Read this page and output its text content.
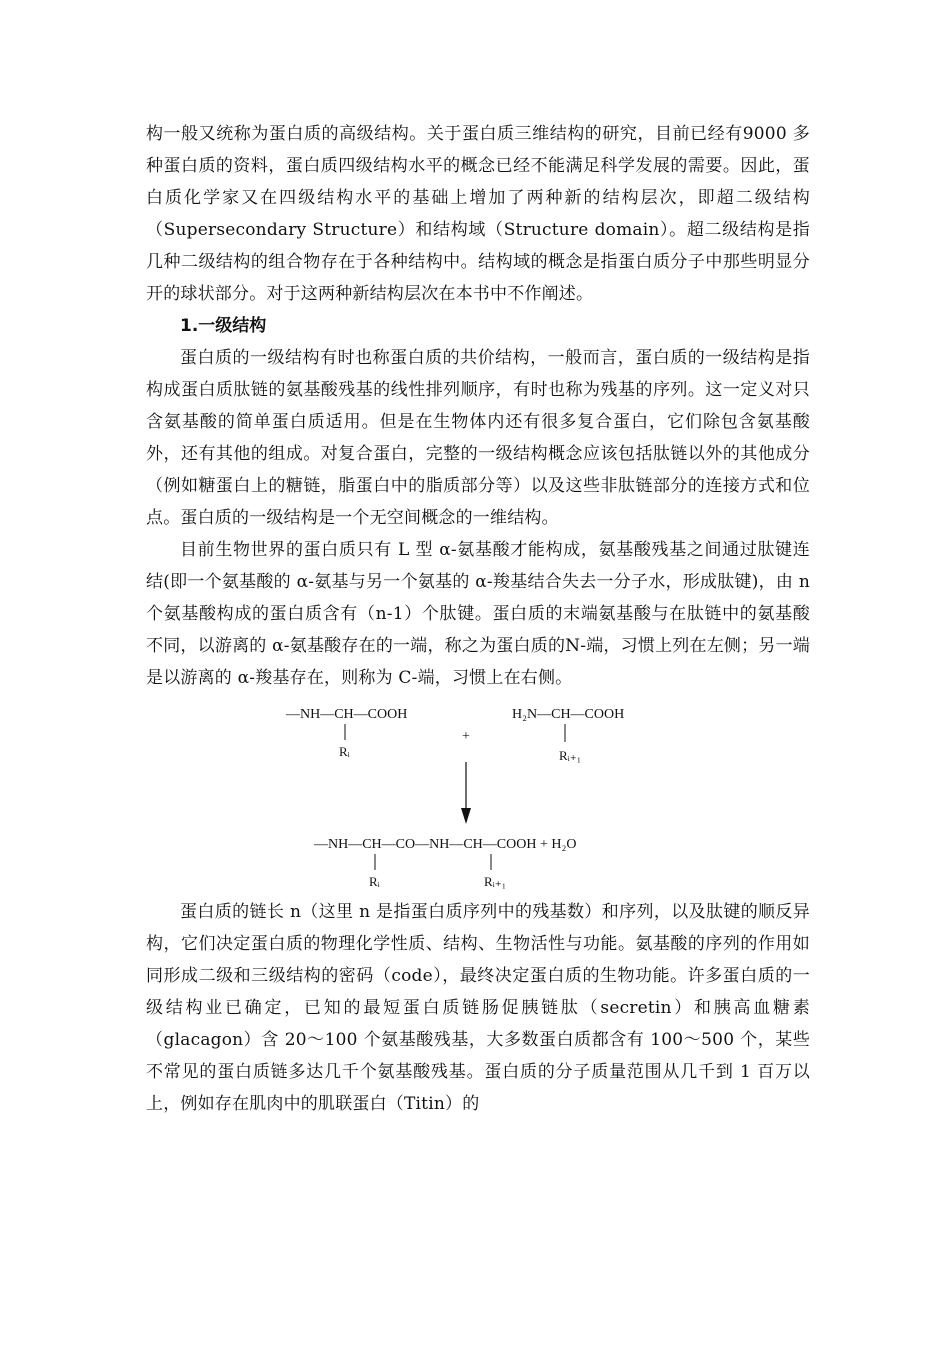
构一般又统称为蛋白质的高级结构。关于蛋白质三维结构的研究，目前已经有9000 多种蛋白质的资料，蛋白质四级结构水平的概念已经不能满足科学发展的需要。因此，蛋白质化学家又在四级结构水平的基础上增加了两种新的结构层次，即超二级结构（Supersecondary Structure）和结构域（Structure domain）。超二级结构是指几种二级结构的组合物存在于各种结构中。结构域的概念是指蛋白质分子中那些明显分开的球状部分。对于这两种新结构层次在本书中不作阐述。

1.一级结构

蛋白质的一级结构有时也称蛋白质的共价结构，一般而言，蛋白质的一级结构是指构成蛋白质肽链的氨基酸残基的线性排列顺序，有时也称为残基的序列。这一定义对只含氨基酸的简单蛋白质适用。但是在生物体内还有很多复合蛋白，它们除包含氨基酸外，还有其他的组成。对复合蛋白，完整的一级结构概念应该包括肽链以外的其他成分（例如糖蛋白上的糖链，脂蛋白中的脂质部分等）以及这些非肽链部分的连接方式和位点。蛋白质的一级结构是一个无空间概念的一维结构。

目前生物世界的蛋白质只有 L 型 α-氨基酸才能构成，氨基酸残基之间通过肽键连结(即一个氨基酸的 α-氨基与另一个氨基的 α-羧基结合失去一分子水，形成肽键)，由 n 个氨基酸构成的蛋白质含有（n-1）个肽键。蛋白质的末端氨基酸与在肽链中的氨基酸不同，以游离的 α-氨基酸存在的一端，称之为蛋白质的N-端，习惯上列在左侧；另一端是以游离的 α-羧基存在，则称为 C-端，习惯上在右侧。

—NH—CH—COOH
Rᵢ
+
H₂N—CH—COOH
Rᵢ₊₁
—NH—CH—CO—NH—CH—COOH + H₂O
Rᵢ	Rᵢ₊₁

蛋白质的链长 n（这里 n 是指蛋白质序列中的残基数）和序列，以及肽键的顺反异构，它们决定蛋白质的物理化学性质、结构、生物活性与功能。氨基酸的序列的作用如同形成二级和三级结构的密码（code），最终决定蛋白质的生物功能。许多蛋白质的一级结构业已确定，已知的最短蛋白质链肠促胰链肽（secretin）和胰高血糖素（glacagon）含 20～100 个氨基酸残基，大多数蛋白质都含有 100～500 个，某些不常见的蛋白质链多达几千个氨基酸残基。蛋白质的分子质量范围从几千到 1 百万以上，例如存在肌肉中的肌联蛋白（Titin）的
